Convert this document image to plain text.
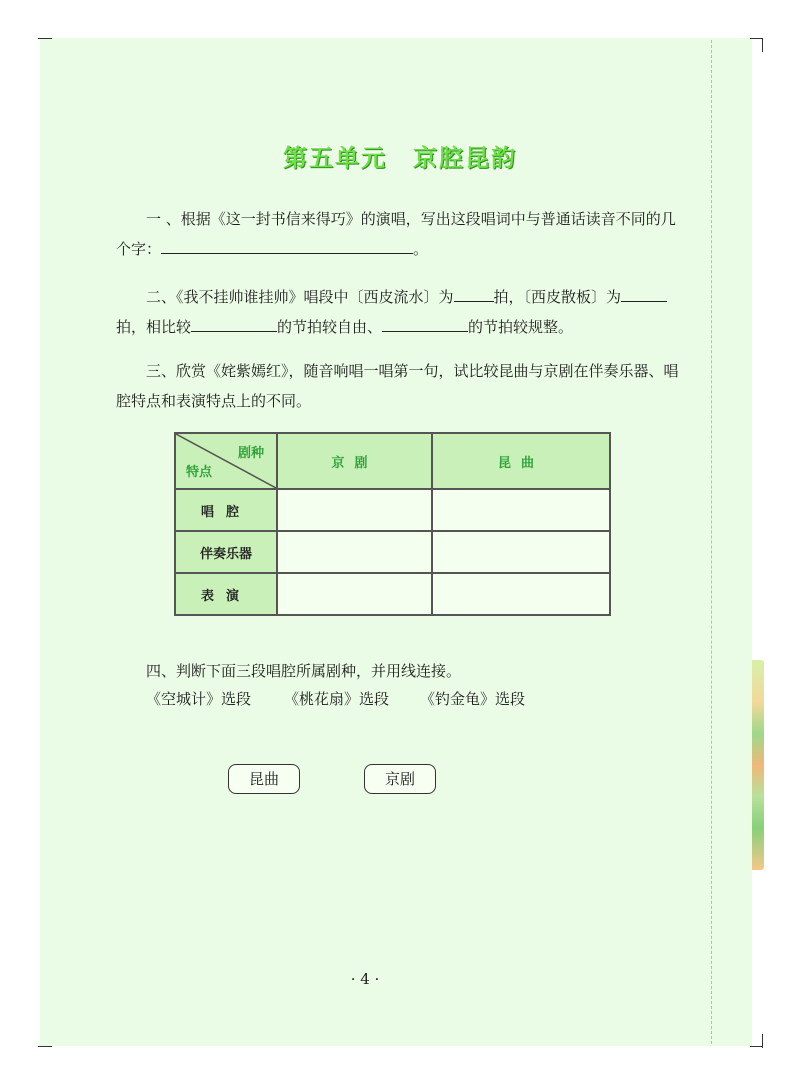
第五单元　京腔昆韵
一 、根据《这一封书信来得巧》的演唱，写出这段唱词中与普通话读音不同的几
个字：	。
二、《我不挂帅谁挂帅》唱段中〔西皮流水〕为	拍，〔西皮散板〕为
拍，相比较	的节拍较自由、	的节拍较规整。
三、欣赏《姹紫嫣红》，随音响唱一唱第一句，试比较昆曲与京剧在伴奏乐器、唱
腔特点和表演特点上的不同。
剧种
特点	京剧	昆曲
唱腔		
伴奏乐器		
表演		
四、判断下面三段唱腔所属剧种，并用线连接。
《空城计》选段 《桃花扇》选段 《钓金龟》选段
昆曲	京剧
· 4 ·
